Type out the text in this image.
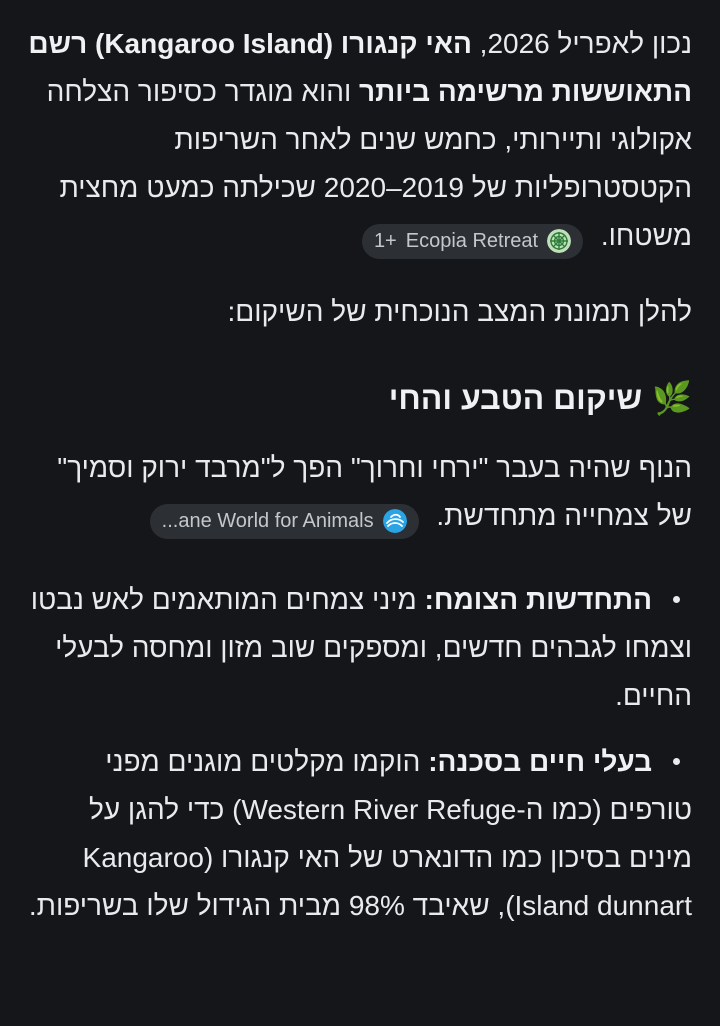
נכון לאפריל 2026, האי קנגורו (Kangaroo Island) רשם התאוששות מרשימה ביותר והוא מוגדר כסיפור הצלחה אקולוגי ותיירותי, כחמש שנים לאחר השריפות הקטסטרופליות של 2019–2020 שכילתה כמעט מחצית משטחו.
Ecopia Retreat
1+

להלן תמונת המצב הנוכחית של השיקום:

🌿שיקום הטבע והחי

הנוף שהיה בעבר "ירחי וחרוך" הפך ל"מרבד ירוק וסמיך" של צמחייה מתחדשת.
...ane World for Animals

התחדשות הצומח: מיני צמחים המותאמים לאש נבטו וצמחו לגבהים חדשים, ומספקים שוב מזון ומחסה לבעלי החיים.
בעלי חיים בסכנה: הוקמו מקלטים מוגנים מפני טורפים (כמו ה-Western River Refuge) כדי להגן על מינים בסיכון כמו הדונארט של האי קנגורו (Kangaroo Island dunnart), שאיבד 98% מבית הגידול שלו בשריפות.
